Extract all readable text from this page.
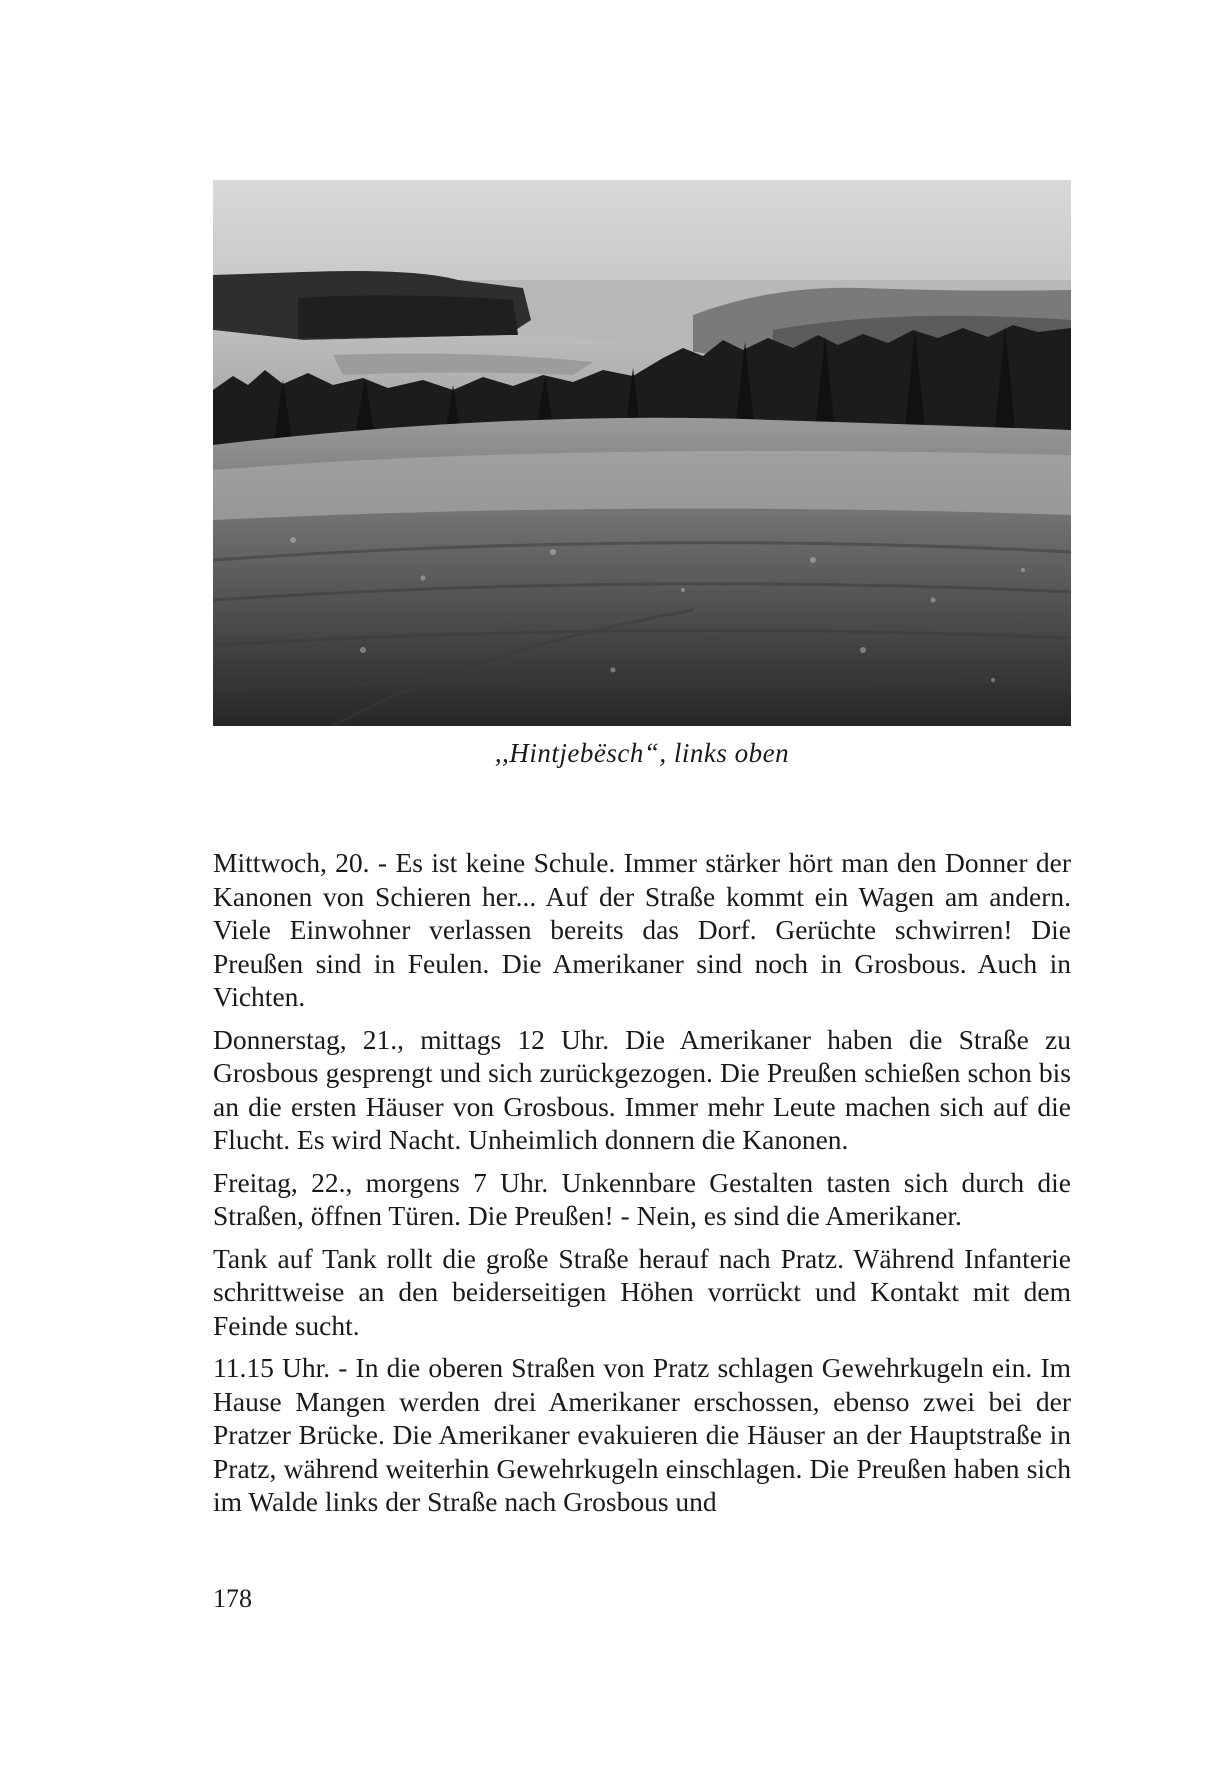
,,Hintjebësch“, links oben

Mittwoch, 20. - Es ist keine Schule. Immer stärker hört man den Donner der Kanonen von Schieren her... Auf der Straße kommt ein Wagen am andern. Viele Einwohner verlassen bereits das Dorf. Gerüchte schwirren! Die Preußen sind in Feulen. Die Amerikaner sind noch in Grosbous. Auch in Vichten.

Donnerstag, 21., mittags 12 Uhr. Die Amerikaner haben die Straße zu Grosbous gesprengt und sich zurückgezogen. Die Preußen schießen schon bis an die ersten Häuser von Grosbous. Immer mehr Leute machen sich auf die Flucht. Es wird Nacht. Unheimlich donnern die Kanonen.

Freitag, 22., morgens 7 Uhr. Unkennbare Gestalten tasten sich durch die Straßen, öffnen Türen. Die Preußen! - Nein, es sind die Amerikaner.

Tank auf Tank rollt die große Straße herauf nach Pratz. Während Infanterie schrittweise an den beiderseitigen Höhen vorrückt und Kontakt mit dem Feinde sucht.

11.15 Uhr. - In die oberen Straßen von Pratz schlagen Gewehrkugeln ein. Im Hause Mangen werden drei Amerikaner erschossen, ebenso zwei bei der Pratzer Brücke. Die Amerikaner evakuieren die Häuser an der Hauptstraße in Pratz, während weiterhin Gewehrkugeln einschlagen. Die Preußen haben sich im Walde links der Straße nach Grosbous und

178
